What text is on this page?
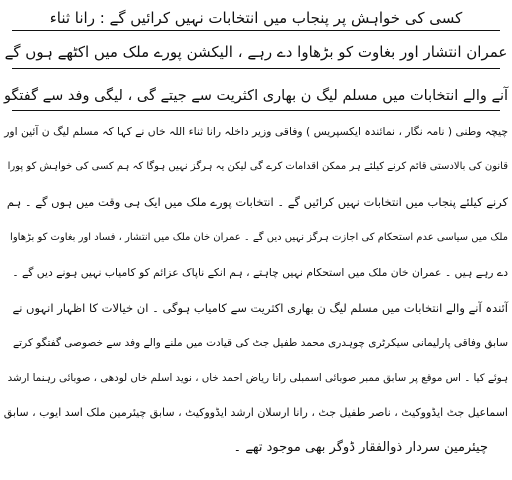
کسی کی خواہش پر پنجاب میں انتخابات نہیں کرائیں گے : رانا ثناء
عمران انتشار اور بغاوت کو بڑھاوا دے رہے ، الیکشن پورے ملک میں اکٹھے ہوں گے
آنے والے انتخابات میں مسلم لیگ ن بھاری اکثریت سے جیتے گی ، لیگی وفد سے گفتگو
چیچہ وطنی ( نامہ نگار ، نمائندہ ایکسپریس ) وفاقی وزیر داخلہ رانا ثناء اللہ خاں نے کہا کہ مسلم لیگ ن آئین اور
قانون کی بالادستی قائم کرنے کیلئے ہر ممکن اقدامات کرے گی لیکن یہ ہرگز نہیں ہوگا کہ ہم کسی کی خواہش کو پورا
کرنے کیلئے پنجاب میں انتخابات نہیں کرائیں گے ۔ انتخابات پورے ملک میں ایک ہی وقت میں ہوں گے ۔ ہم
ملک میں سیاسی عدم استحکام کی اجازت ہرگز نہیں دیں گے ۔ عمران خان ملک میں انتشار ، فساد اور بغاوت کو بڑھاوا
دے رہے ہیں ۔ عمران خان ملک میں استحکام نہیں چاہتے ، ہم انکے ناپاک عزائم کو کامیاب نہیں ہونے دیں گے ۔
آئندہ آنے والے انتخابات میں مسلم لیگ ن بھاری اکثریت سے کامیاب ہوگی ۔ ان خیالات کا اظہار انہوں نے
سابق وفاقی پارلیمانی سیکرٹری چوہدری محمد طفیل جٹ کی قیادت میں ملنے والے وفد سے خصوصی گفتگو کرتے
ہوئے کیا ۔ اس موقع پر سابق ممبر صوبائی اسمبلی رانا ریاض احمد خاں ، نوید اسلم خاں لودھی ، صوبائی رہنما ارشد
اسماعیل جٹ ایڈووکیٹ ، ناصر طفیل جٹ ، رانا ارسلان ارشد ایڈووکیٹ ، سابق چیئرمین ملک اسد ایوب ، سابق
چیئرمین سردار ذوالفقار ڈوگر بھی موجود تھے ۔
